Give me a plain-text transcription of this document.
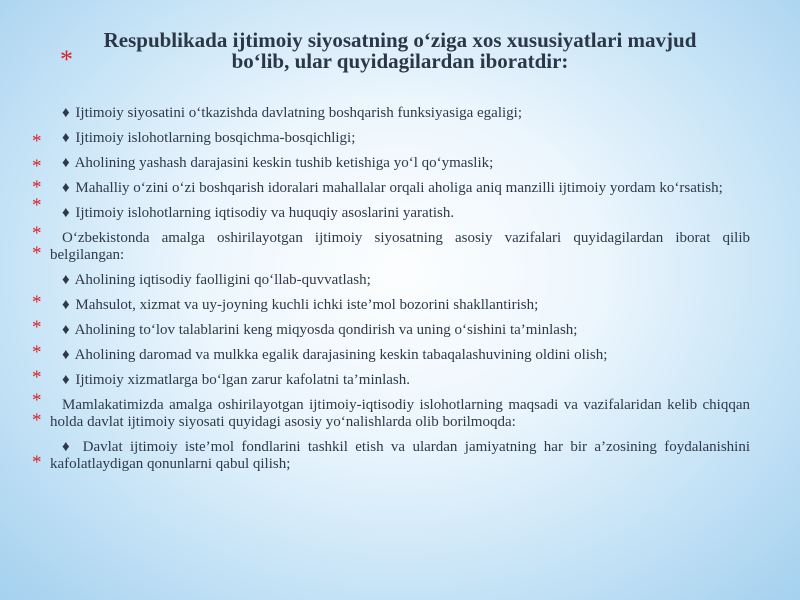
Respublikada ijtimoiy siyosatning o‘ziga xos xususiyatlari mavjud
bo‘lib, ular quyidagilardan iboratdir:
*

♦ Ijtimoiy siyosatini o‘tkazishda davlatning boshqarish funksiyasiga egaligi;

* ♦ Ijtimoiy islohotlarning bosqichma-bosqichligi;

* ♦ Aholining yashash darajasini keskin tushib ketishiga yo‘l qo‘ymaslik;

*
*
♦ Mahalliy o‘zini o‘zi boshqarish idoralari mahallalar orqali aholiga aniq manzilli ijtimoiy yordam ko‘rsatish;

♦ Ijtimoiy islohotlarning iqtisodiy va huquqiy asoslarini yaratish.

*
*
O‘zbekistonda amalga oshirilayotgan ijtimoiy siyosatning asosiy vazifalari quyidagilardan iborat qilib belgilangan:

♦ Aholining iqtisodiy faolligini qo‘llab-quvvatlash;

* ♦ Mahsulot, xizmat va uy-joyning kuchli ichki iste’mol bozorini shakllantirish;

* ♦ Aholining to‘lov talablarini keng miqyosda qondirish va uning o‘sishini ta’minlash;

* ♦ Aholining daromad va mulkka egalik darajasining keskin tabaqalashuvining oldini olish;

* ♦ Ijtimoiy xizmatlarga bo‘lgan zarur kafolatni ta’minlash.

*
*
Mamlakatimizda amalga oshirilayotgan ijtimoiy-iqtisodiy islohotlarning maqsadi va vazifalaridan kelib chiqqan holda davlat ijtimoiy siyosati quyidagi asosiy yo‘nalishlarda olib borilmoqda:

*
♦ Davlat ijtimoiy iste’mol fondlarini tashkil etish va ulardan jamiyatning har bir a’zosining foydalanishini kafolatlaydigan qonunlarni qabul qilish;
